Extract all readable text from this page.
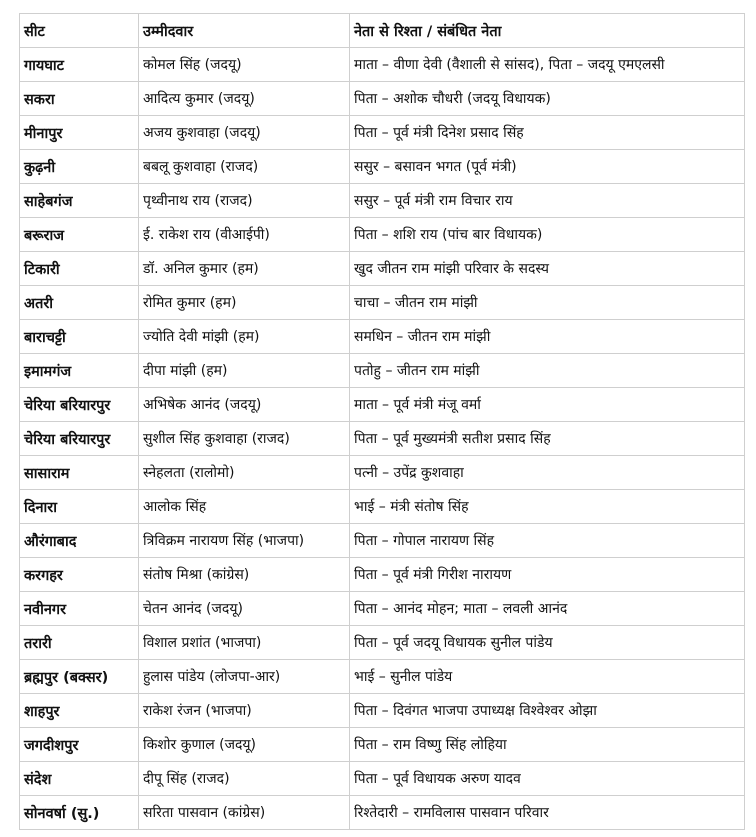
सीट	उम्मीदवार	नेता से रिश्ता / संबंधित नेता
गायघाट	कोमल सिंह (जदयू)	माता – वीणा देवी (वैशाली से सांसद), पिता – जदयू एमएलसी
सकरा	आदित्य कुमार (जदयू)	पिता – अशोक चौधरी (जदयू विधायक)
मीनापुर	अजय कुशवाहा (जदयू)	पिता – पूर्व मंत्री दिनेश प्रसाद सिंह
कुढ़नी	बबलू कुशवाहा (राजद)	ससुर – बसावन भगत (पूर्व मंत्री)
साहेबगंज	पृथ्वीनाथ राय (राजद)	ससुर – पूर्व मंत्री राम विचार राय
बरूराज	ई. राकेश राय (वीआईपी)	पिता – शशि राय (पांच बार विधायक)
टिकारी	डॉ. अनिल कुमार (हम)	खुद जीतन राम मांझी परिवार के सदस्य
अतरी	रोमित कुमार (हम)	चाचा – जीतन राम मांझी
बाराचट्टी	ज्योति देवी मांझी (हम)	समधिन – जीतन राम मांझी
इमामगंज	दीपा मांझी (हम)	पतोहु – जीतन राम मांझी
चेरिया बरियारपुर	अभिषेक आनंद (जदयू)	माता – पूर्व मंत्री मंजू वर्मा
चेरिया बरियारपुर	सुशील सिंह कुशवाहा (राजद)	पिता – पूर्व मुख्यमंत्री सतीश प्रसाद सिंह
सासाराम	स्नेहलता (रालोमो)	पत्नी – उपेंद्र कुशवाहा
दिनारा	आलोक सिंह	भाई – मंत्री संतोष सिंह
औरंगाबाद	त्रिविक्रम नारायण सिंह (भाजपा)	पिता – गोपाल नारायण सिंह
करगहर	संतोष मिश्रा (कांग्रेस)	पिता – पूर्व मंत्री गिरीश नारायण
नवीनगर	चेतन आनंद (जदयू)	पिता – आनंद मोहन; माता – लवली आनंद
तरारी	विशाल प्रशांत (भाजपा)	पिता – पूर्व जदयू विधायक सुनील पांडेय
ब्रह्मपुर (बक्सर)	हुलास पांडेय (लोजपा-आर)	भाई – सुनील पांडेय
शाहपुर	राकेश रंजन (भाजपा)	पिता – दिवंगत भाजपा उपाध्यक्ष विश्वेश्वर ओझा
जगदीशपुर	किशोर कुणाल (जदयू)	पिता – राम विष्णु सिंह लोहिया
संदेश	दीपू सिंह (राजद)	पिता – पूर्व विधायक अरुण यादव
सोनवर्षा (सु.)	सरिता पासवान (कांग्रेस)	रिश्तेदारी – रामविलास पासवान परिवार
